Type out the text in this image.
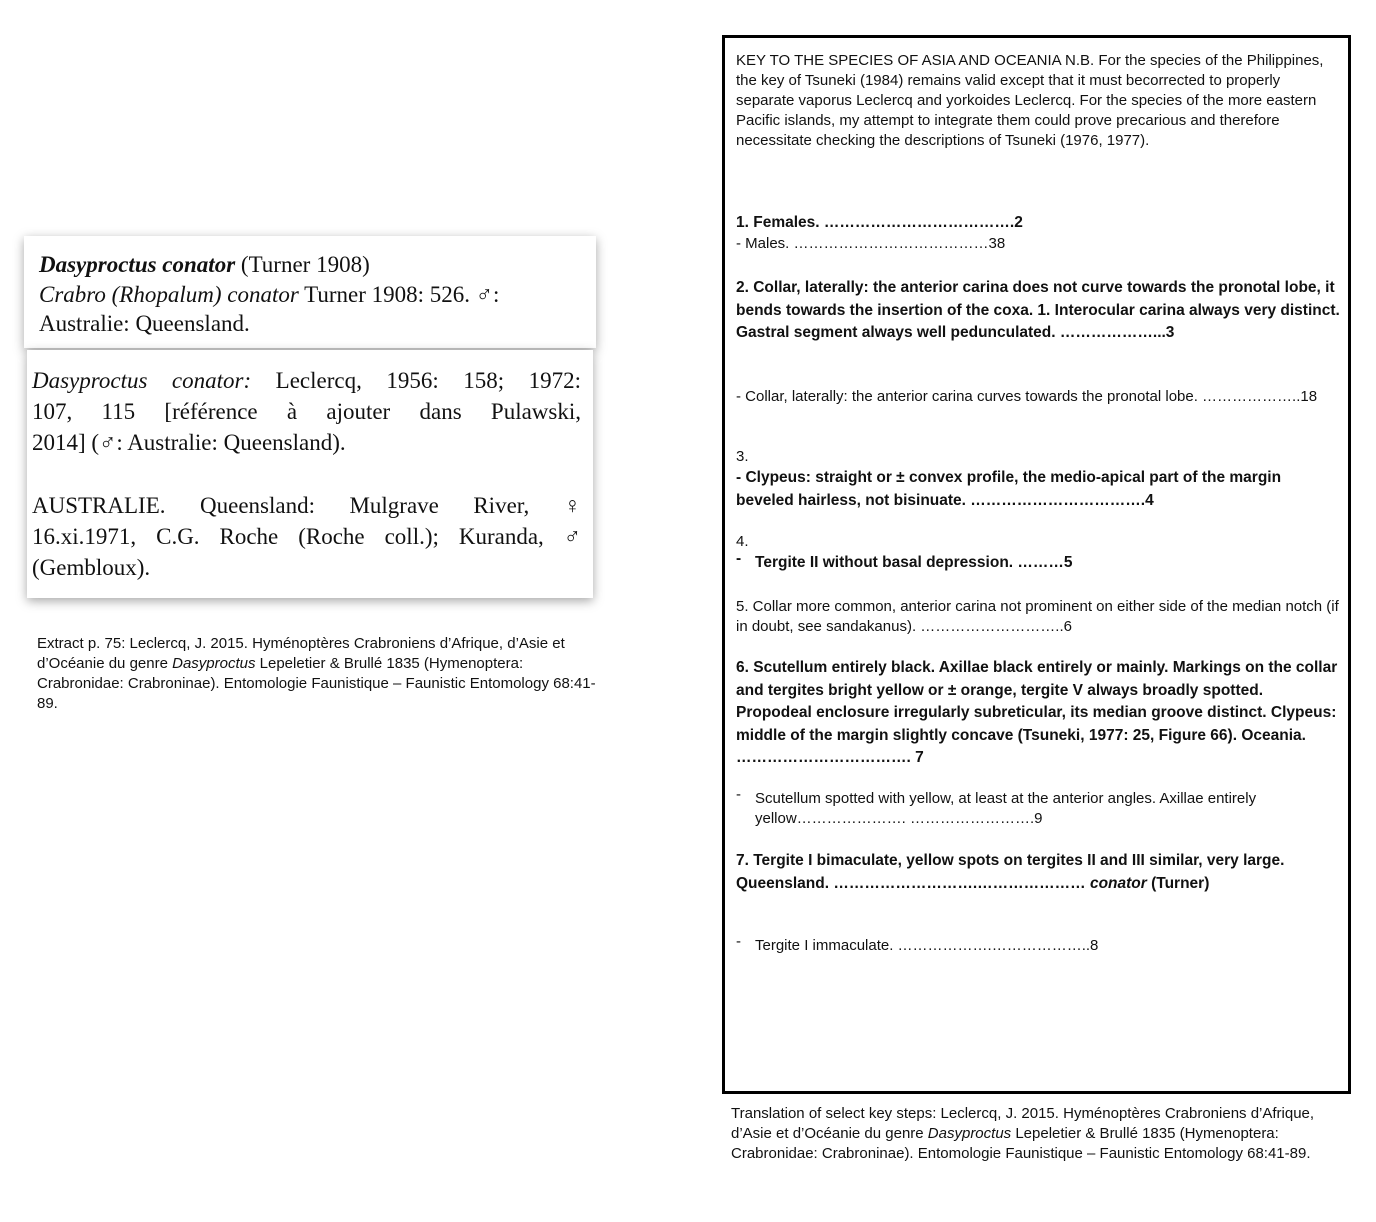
Dasyproctus conator (Turner 1908)
Crabro (Rhopalum) conator Turner 1908: 526. ♂:
Australie: Queensland.
Dasyproctus conator: Leclercq, 1956: 158; 1972:
107, 115 [référence à ajouter dans Pulawski,
2014] (♂: Australie: Queensland).
AUSTRALIE. Queensland: Mulgrave River, ♀
16.xi.1971, C.G. Roche (Roche coll.); Kuranda, ♂
(Gembloux).
Extract p. 75: Leclercq, J. 2015. Hyménoptères Crabroniens d’Afrique, d’Asie et d’Océanie du genre Dasyproctus Lepeletier & Brullé 1835 (Hymenoptera: Crabronidae: Crabroninae). Entomologie Faunistique – Faunistic Entomology 68:41-89.
KEY TO THE SPECIES OF ASIA AND OCEANIA N.B. For the species of the Philippines, the key of Tsuneki (1984) remains valid except that it must becorrected to properly separate vaporus Leclercq and yorkoides Leclercq. For the species of the more eastern Pacific islands, my attempt to integrate them could prove precarious and therefore necessitate checking the descriptions of Tsuneki (1976, 1977).
1. Females. ……………………………….2
- Males. …………………………………38
2. Collar, laterally: the anterior carina does not curve towards the pronotal lobe, it bends towards the insertion of the coxa. 1. Interocular carina always very distinct. Gastral segment always well pedunculated. ………………...3
- Collar, laterally: the anterior carina curves towards the pronotal lobe. ………………..18
3.
- Clypeus: straight or ± convex profile, the medio-apical part of the margin beveled hairless, not bisinuate. …………………………….4
4.
- Tergite II without basal depression. ………5
5. Collar more common, anterior carina not prominent on either side of the median notch (if in doubt, see sandakanus). ………………………..6
6. Scutellum entirely black. Axillae black entirely or mainly. Markings on the collar and tergites bright yellow or ± orange, tergite V always broadly spotted. Propodeal enclosure irregularly subreticular, its median groove distinct. Clypeus: middle of the margin slightly concave (Tsuneki, 1977: 25, Figure 66). Oceania. ……………………………. 7
- Scutellum spotted with yellow, at least at the anterior angles. Axillae entirely yellow…………………. …………………….9
7. Tergite I bimaculate, yellow spots on tergites II and III similar, very large.
Queensland. ……………………….………………… conator (Turner)
- Tergite I immaculate. ……………….………………..8
Translation of select key steps: Leclercq, J. 2015. Hyménoptères Crabroniens d’Afrique, d’Asie et d’Océanie du genre Dasyproctus Lepeletier & Brullé 1835 (Hymenoptera: Crabronidae: Crabroninae). Entomologie Faunistique – Faunistic Entomology 68:41-89.
